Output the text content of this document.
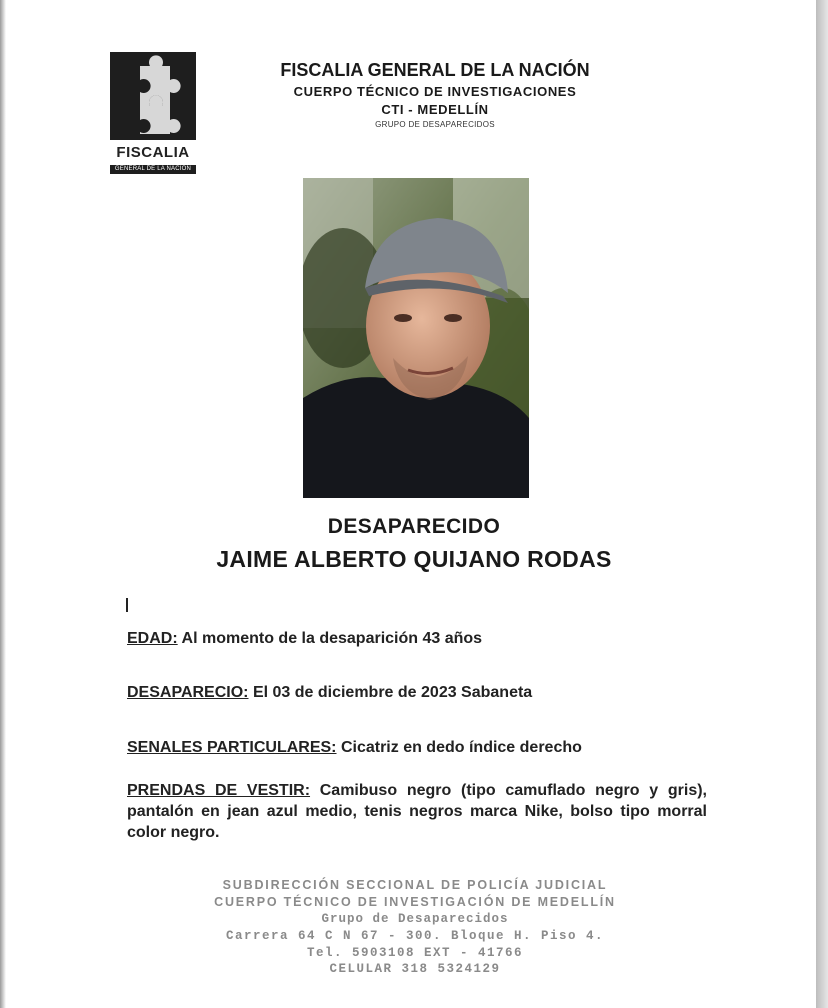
FISCALIA
GENERAL DE LA NACIÓN
FISCALIA GENERAL DE LA NACIÓN
CUERPO TÉCNICO DE INVESTIGACIONES
CTI - MEDELLÍN
GRUPO DE DESAPARECIDOS
DESAPARECIDO
JAIME ALBERTO QUIJANO RODAS
EDAD: Al momento de la desaparición 43 años
DESAPARECIO: El 03 de diciembre de 2023 Sabaneta
SENALES PARTICULARES: Cicatriz en dedo índice derecho
PRENDAS DE VESTIR: Camibuso negro (tipo camuflado negro y gris), pantalón en jean azul medio, tenis negros marca Nike, bolso tipo morral color negro.
SUBDIRECCIÓN SECCIONAL DE POLICÍA JUDICIAL
CUERPO TÉCNICO DE INVESTIGACIÓN DE MEDELLÍN
Grupo de Desaparecidos
Carrera 64 C N 67 - 300. Bloque H. Piso 4.
Tel. 5903108 EXT - 41766
CELULAR 318 5324129
